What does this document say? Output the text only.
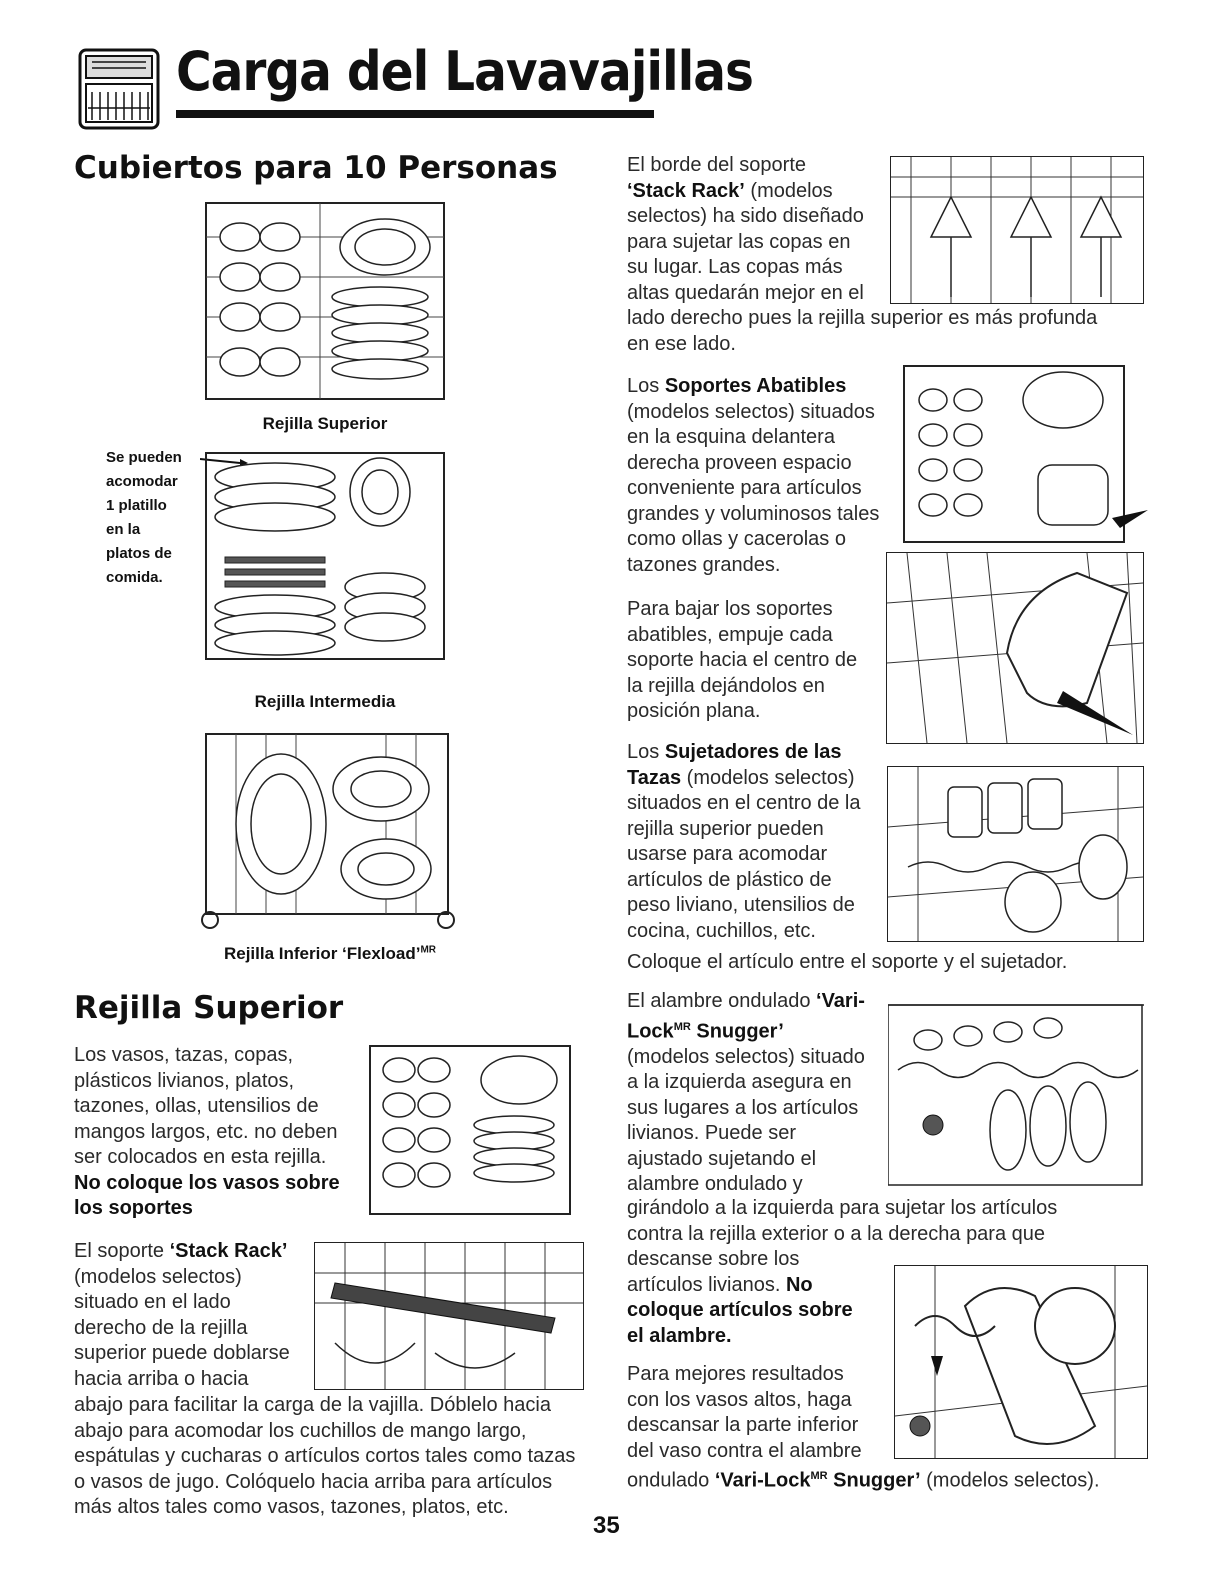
Carga del Lavavajillas
Cubiertos para 10 Personas
Rejilla Superior
Se pueden
acomodar
1 platillo
en la
platos de
comida.
Rejilla Intermedia
Rejilla Inferior ‘Flexload’$^{MR}$
Rejilla Superior
Los vasos, tazas, copas,
plásticos livianos, platos,
tazones, ollas, utensilios de
mangos largos, etc. no deben
ser colocados en esta rejilla.
No coloque los vasos sobre
los soportes
El soporte ‘Stack Rack’
(modelos selectos)
situado en el lado
derecho de la rejilla
superior puede doblarse
hacia arriba o hacia
abajo para facilitar la carga de la vajilla. Dóblelo hacia
abajo para acomodar los cuchillos de mango largo,
espátulas y cucharas o artículos cortos tales como tazas
o vasos de jugo. Colóquelo hacia arriba para artículos
más altos tales como vasos, tazones, platos, etc.
El borde del soporte
‘Stack Rack’ (modelos
selectos) ha sido diseñado
para sujetar las copas en
su lugar. Las copas más
altas quedarán mejor en el
lado derecho pues la rejilla superior es más profunda
en ese lado.
Los Soportes Abatibles
(modelos selectos) situados
en la esquina delantera
derecha proveen espacio
conveniente para artículos
grandes y voluminosos tales
como ollas y cacerolas o
tazones grandes.
Para bajar los soportes
abatibles, empuje cada
soporte hacia el centro de
la rejilla dejándolos en
posición plana.
Los Sujetadores de las
Tazas (modelos selectos)
situados en el centro de la
rejilla superior pueden
usarse para acomodar
artículos de plástico de
peso liviano, utensilios de
cocina, cuchillos, etc.
Coloque el artículo entre el soporte y el sujetador.
El alambre ondulado ‘Vari-
Lock$^{MR}$ Snugger’
(modelos selectos) situado
a la izquierda asegura en
sus lugares a los artículos
livianos. Puede ser
ajustado sujetando el
alambre ondulado y
girándolo a la izquierda para sujetar los artículos
contra la rejilla exterior o a la derecha para que
descanse sobre los
artículos livianos. No
coloque artículos sobre
el alambre.
Para mejores resultados
con los vasos altos, haga
descansar la parte inferior
del vaso contra el alambre
ondulado ‘Vari-Lock$^{MR}$ Snugger’ (modelos selectos).
35
